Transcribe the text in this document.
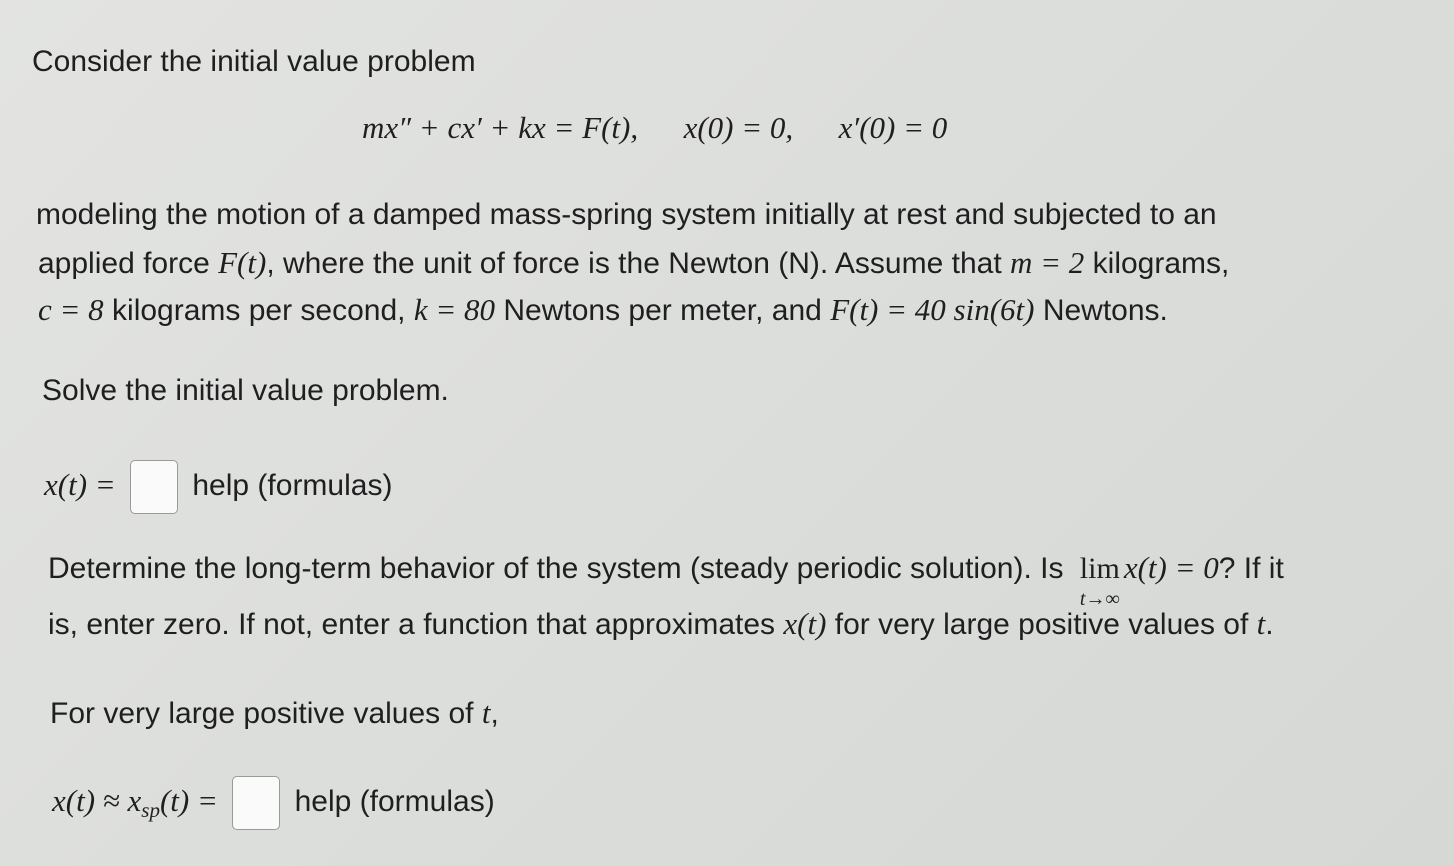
Consider the initial value problem
mx″ + cx′ + kx = F(t), x(0) = 0, x′(0) = 0
modeling the motion of a damped mass-spring system initially at rest and subjected to an
applied force F(t), where the unit of force is the Newton (N). Assume that m = 2 kilograms,
c = 8 kilograms per second, k = 80 Newtons per meter, and F(t) = 40 sin(6t) Newtons.
Solve the initial value problem.
x(t) =	help (formulas)
Determine the long-term behavior of the system (steady periodic solution). Is lim
t→∞
x(t) = 0? If it
is, enter zero. If not, enter a function that approximates x(t) for very large positive values of t.
For very large positive values of t,
$x(t) \approx x_{sp}(t)$ =	help (formulas)
